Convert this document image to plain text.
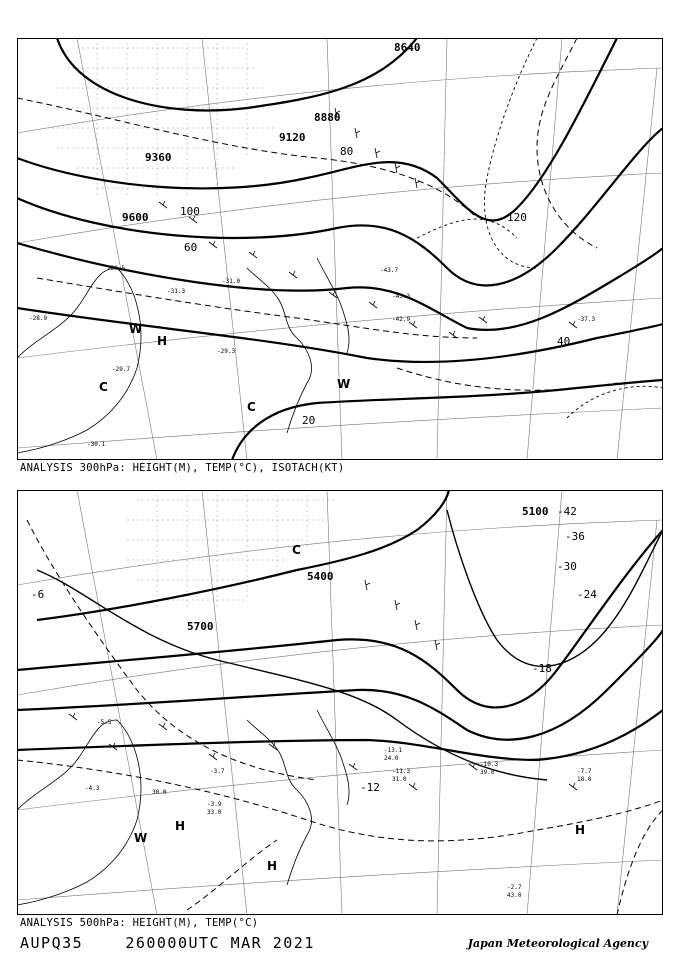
8640
8880
9120
9360
9600
20
40
60
80
100	120
H
W
W
C
C
-29.3
-30.5
-31.3
-31.0
-42.9
-43.3
-43.7
-37.3
-29.7
-30.1
-28.9
ANALYSIS 300hPa: HEIGHT(M), TEMP(°C), ISOTACH(KT)
5100
5400
5700
-12
-18
-24
-30
-36
-42
-6
H	H
H
C
W
-10.3
-13.1
-11.3	-7.7
-2.7
-3.9
-3.7
-5.5
-4.3
39.0
24.0
31.0	18.0
43.0
33.0
30.0
ANALYSIS 500hPa: HEIGHT(M), TEMP(°C)
AUPQ35	260000UTC MAR 2021	Japan Meteorological Agency
